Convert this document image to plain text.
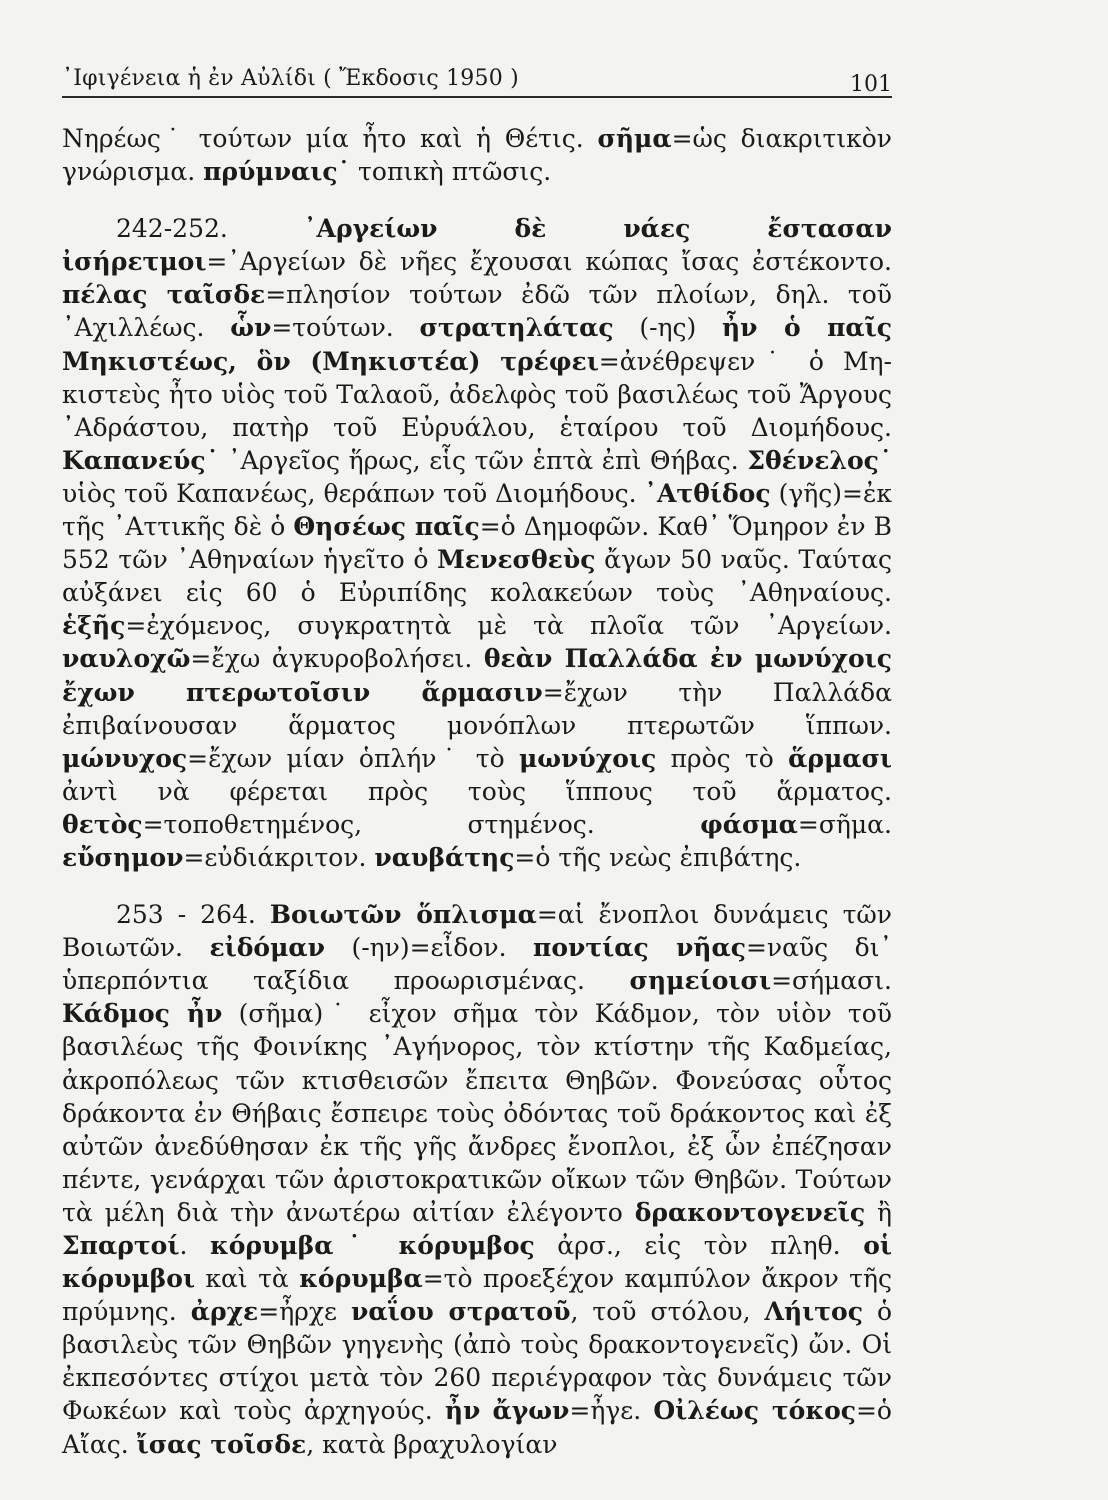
᾿Ιφιγένεια ἡ ἐν Αὐλίδι ( Ἔκδοσις 1950 )	101

Νηρέως˙ τούτων μία ἦτο καὶ ἡ Θέτις. σῆμα=ὡς διακριτικὸν γνώρισμα. πρύμναις˙ τοπικὴ πτῶσις.

242-252. ᾿Αργείων δὲ νάες ἔστασαν ἰσήρετμοι=᾿Αργείων δὲ νῆες ἔχουσαι κώπας ἴσας ἐστέκοντο. πέλας ταῖσδε=πλησίον τούτων ἐδῶ τῶν πλοίων, δηλ. τοῦ ᾿Αχιλλέως. ὧν=τούτων. στρατηλάτας (-ης) ἦν ὁ παῖς Μηκιστέως, ὃν (Μηκιστέα) τρέφει=ἀνέθρεψεν˙ ὁ Μηκιστεὺς ἦτο υἱὸς τοῦ Ταλαοῦ, ἀδελφὸς τοῦ βασιλέως τοῦ Ἄργους ᾿Αδράστου, πατὴρ τοῦ Εὐρυάλου, ἑταίρου τοῦ Διομήδους. Καπανεύς˙ ᾿Αργεῖος ἥρως, εἷς τῶν ἑπτὰ ἐπὶ Θήβας. Σθένελος˙ υἱὸς τοῦ Καπανέως, θεράπων τοῦ Διομήδους. ᾿Ατθίδος (γῆς)=ἐκ τῆς ᾿Αττικῆς δὲ ὁ Θησέως παῖς=ὁ Δημοφῶν. Καθ᾿ Ὅμηρον ἐν Β 552 τῶν ᾿Αθηναίων ἡγεῖτο ὁ Μενεσθεὺς ἄγων 50 ναῦς. Ταύτας αὐξάνει εἰς 60 ὁ Εὐριπίδης κολακεύων τοὺς ᾿Αθηναίους. ἑξῆς=ἐχόμενος, συγκρατητὰ μὲ τὰ πλοῖα τῶν ᾿Αργείων. ναυλοχῶ=ἔχω ἀγκυροβολήσει. θεὰν Παλλάδα ἐν μωνύχοις ἔχων πτερωτοῖσιν ἅρμασιν=ἔχων τὴν Παλλάδα ἐπιβαίνουσαν ἅρματος μονόπλων πτερωτῶν ἵππων. μώνυχος=ἔχων μίαν ὁπλήν˙ τὸ μωνύχοις πρὸς τὸ ἅρμασι ἀντὶ νὰ φέρεται πρὸς τοὺς ἵππους τοῦ ἅρματος. θετὸς=τοποθετημένος, στημένος. φάσμα=σῆμα. εὔσημον=εὐδιάκριτον. ναυβάτης=ὁ τῆς νεὼς ἐπιβάτης.

253 - 264. Βοιωτῶν ὅπλισμα=αἱ ἔνοπλοι δυνάμεις τῶν Βοιωτῶν. εἰδόμαν (-ην)=εἶδον. ποντίας νῆας=ναῦς δι᾿ ὑπερπόντια ταξίδια προωρισμένας. σημείοισι=σήμασι. Κάδμος ἦν (σῆμα)˙ εἶχον σῆμα τὸν Κάδμον, τὸν υἱὸν τοῦ βασιλέως τῆς Φοινίκης ᾿Αγήνορος, τὸν κτίστην τῆς Καδμείας, ἀκροπόλεως τῶν κτισθεισῶν ἔπειτα Θηβῶν. Φονεύσας οὗτος δράκοντα ἐν Θήβαις ἔσπειρε τοὺς ὀδόντας τοῦ δράκοντος καὶ ἐξ αὐτῶν ἀνεδύθησαν ἐκ τῆς γῆς ἄνδρες ἔνοπλοι, ἐξ ὧν ἐπέζησαν πέντε, γενάρχαι τῶν ἀριστοκρατικῶν οἴκων τῶν Θηβῶν. Τούτων τὰ μέλη διὰ τὴν ἀνωτέρω αἰτίαν ἐλέγοντο δρακοντογενεῖς ἢ Σπαρτοί. κόρυμβα˙ κόρυμβος ἀρσ., εἰς τὸν πληθ. οἱ κόρυμβοι καὶ τὰ κόρυμβα=τὸ προεξέχον καμπύλον ἄκρον τῆς πρύμνης. ἀρχε=ἦρχε ναΐου στρατοῦ, τοῦ στόλου, Λήιτος ὁ βασιλεὺς τῶν Θηβῶν γηγενὴς (ἀπὸ τοὺς δρακοντογενεῖς) ὤν. Οἱ ἐκπεσόντες στίχοι μετὰ τὸν 260 περιέγραφον τὰς δυνάμεις τῶν Φωκέων καὶ τοὺς ἀρχηγούς. ἦν ἄγων=ἦγε. Οἰλέως τόκος=ὁ Αἴας. ἴσας τοῖσδε, κατὰ βραχυλογίαν
